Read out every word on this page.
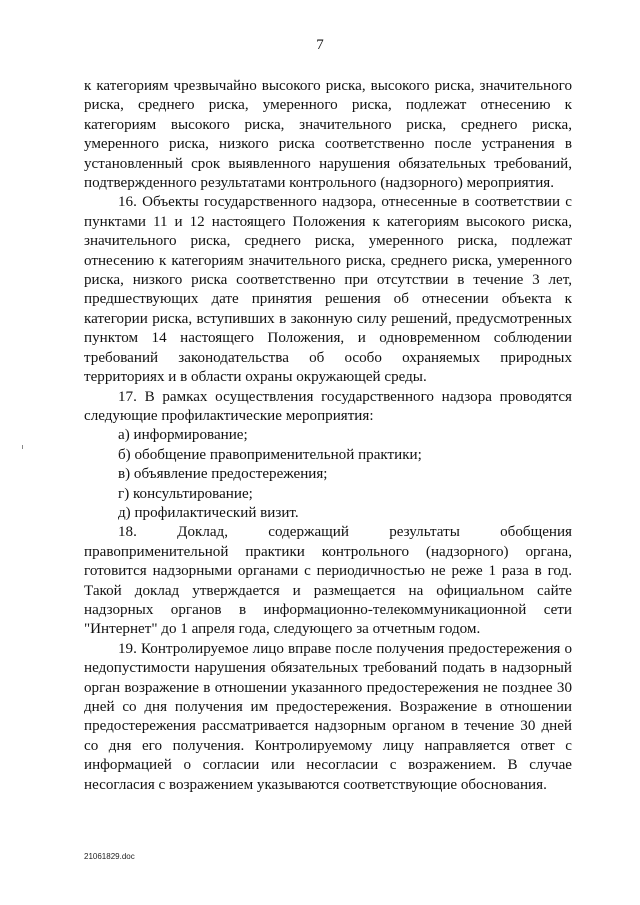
7

к категориям чрезвычайно высокого риска, высокого риска, значительного риска, среднего риска, умеренного риска, подлежат отнесению к категориям высокого риска, значительного риска, среднего риска, умеренного риска, низкого риска соответственно после устранения в установленный срок выявленного нарушения обязательных требований, подтвержденного результатами контрольного (надзорного) мероприятия.

16. Объекты государственного надзора, отнесенные в соответствии с пунктами 11 и 12 настоящего Положения к категориям высокого риска, значительного риска, среднего риска, умеренного риска, подлежат отнесению к категориям значительного риска, среднего риска, умеренного риска, низкого риска соответственно при отсутствии в течение 3 лет, предшествующих дате принятия решения об отнесении объекта к категории риска, вступивших в законную силу решений, предусмотренных пунктом 14 настоящего Положения, и одновременном соблюдении требований законодательства об особо охраняемых природных территориях и в области охраны окружающей среды.

17. В рамках осуществления государственного надзора проводятся следующие профилактические мероприятия:

а) информирование;

б) обобщение правоприменительной практики;

в) объявление предостережения;

г) консультирование;

д) профилактический визит.

18. Доклад, содержащий результаты обобщения правоприменительной практики контрольного (надзорного) органа, готовится надзорными органами с периодичностью не реже 1 раза в год. Такой доклад утверждается и размещается на официальном сайте надзорных органов в информационно-телекоммуникационной сети "Интернет" до 1 апреля года, следующего за отчетным годом.

19. Контролируемое лицо вправе после получения предостережения о недопустимости нарушения обязательных требований подать в надзорный орган возражение в отношении указанного предостережения не позднее 30 дней со дня получения им предостережения. Возражение в отношении предостережения рассматривается надзорным органом в течение 30 дней со дня его получения. Контролируемому лицу направляется ответ с информацией о согласии или несогласии с возражением. В случае несогласия с возражением указываются соответствующие обоснования.

21061829.doc
